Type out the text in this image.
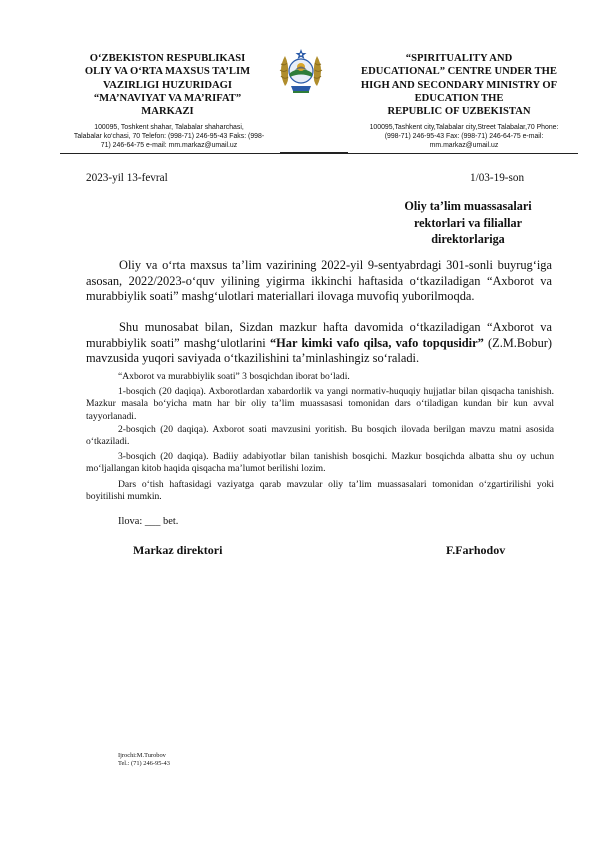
O‘ZBEKISTON RESPUBLIKASI
OLIY VA O‘RTA MAXSUS TA’LIM
VAZIRLIGI HUZURIDAGI
“MA’NAVIYAT VA MA’RIFAT”
MARKAZI
“SPIRITUALITY AND
EDUCATIONAL” CENTRE UNDER THE
HIGH AND SECONDARY MINISTRY OF
EDUCATION THE
REPUBLIC OF UZBEKISTAN
100095, Toshkent shahar, Talabalar shaharchasi,
Talabalar ko‘chasi, 70 Telefon: (998-71) 246-95-43 Faks: (998-
71) 246-64-75 e-mail: mm.markaz@umail.uz
100095,Tashkent city,Talabalar city,Street Talabalar,70 Phone:
(998-71) 246-95-43 Fax: (998-71) 246-64-75 e-mail:
mm.markaz@umail.uz
2023-yil 13-fevral	1/03-19-son
Oliy ta’lim muassasalari
rektorlari va filiallar
direktorlariga

Oliy va o‘rta maxsus ta’lim vazirining 2022-yil 9-sentyabrdagi 301-sonli buyrug‘iga asosan, 2022/2023-o‘quv yilining yigirma ikkinchi haftasida o‘tkaziladigan “Axborot va murabbiylik soati” mashg‘ulotlari materiallari ilovaga muvofiq yuborilmoqda.

Shu munosabat bilan, Sizdan mazkur hafta davomida o‘tkaziladigan “Axborot va murabbiylik soati” mashg‘ulotlarini “Har kimki vafo qilsa, vafo topqusidir” (Z.M.Bobur) mavzusida yuqori saviyada o‘tkazilishini ta’minlashingiz so‘raladi.

“Axborot va murabbiylik soati” 3 bosqichdan iborat bo‘ladi.

1-bosqich (20 daqiqa). Axborotlardan xabardorlik va yangi normativ-huquqiy hujjatlar bilan qisqacha tanishish. Mazkur masala bo‘yicha matn har bir oliy ta’lim muassasasi tomonidan dars o‘tiladigan kundan bir kun avval tayyorlanadi.

2-bosqich (20 daqiqa). Axborot soati mavzusini yoritish. Bu bosqich ilovada berilgan mavzu matni asosida o‘tkaziladi.

3-bosqich (20 daqiqa). Badiiy adabiyotlar bilan tanishish bosqichi. Mazkur bosqichda albatta shu oy uchun mo‘ljallangan kitob haqida qisqacha ma’lumot berilishi lozim.

Dars o‘tish haftasidagi vaziyatga qarab mavzular oliy ta’lim muassasalari tomonidan o‘zgartirilishi yoki boyitilishi mumkin.

Ilova: ___ bet.
Markaz direktori	F.Farhodov
Ijrochi:M.Turobov
Tel.: (71) 246-95-43
